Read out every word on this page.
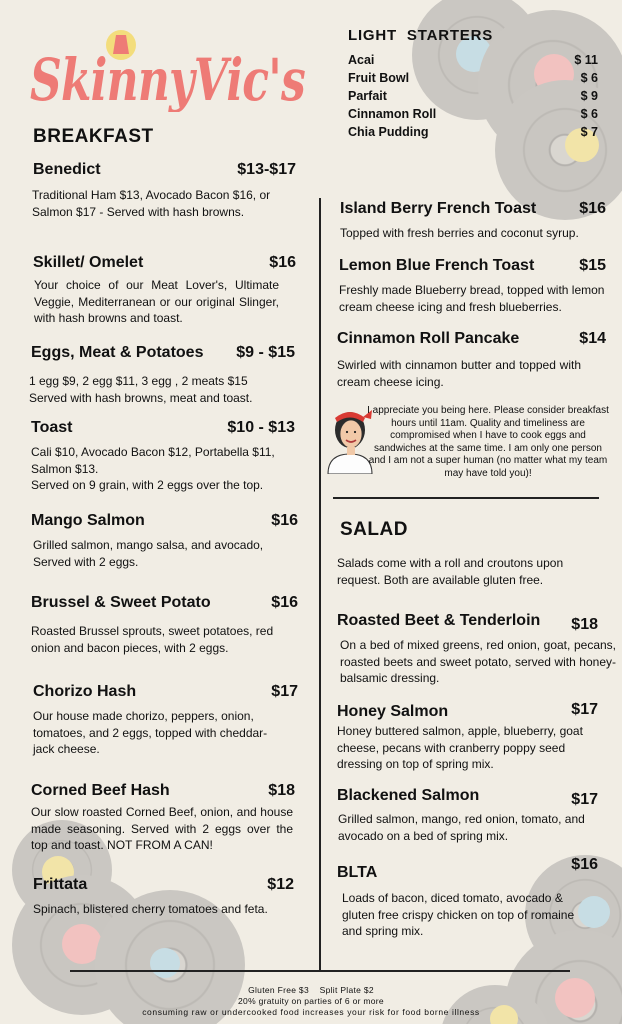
SkinnyVic's
BREAKFAST
Benedict	$13-$17
Traditional Ham $13, Avocado Bacon $16, or Salmon $17 - Served with hash browns.
Skillet/ Omelet	$16
Your choice of our Meat Lover's, Ultimate Veggie, Mediterranean or our original Slinger, with hash browns and toast.
Eggs, Meat & Potatoes	$9 - $15
1 egg $9, 2 egg $11, 3 egg , 2 meats $15 Served with hash browns, meat and toast.
Toast	$10 - $13
Cali $10, Avocado Bacon $12, Portabella $11, Salmon $13.
Served on 9 grain, with 2 eggs over the top.
Mango Salmon	$16
Grilled salmon, mango salsa, and avocado, Served with 2 eggs.
Brussel & Sweet Potato	$16
Roasted Brussel sprouts, sweet potatoes, red onion and bacon pieces, with 2 eggs.
Chorizo Hash	$17
Our house made chorizo, peppers, onion, tomatoes, and 2 eggs, topped with cheddar-jack cheese.
Corned Beef Hash	$18
Our slow roasted Corned Beef, onion, and house made seasoning. Served with 2 eggs over the top and toast. NOT FROM A CAN!
Frittata	$12
Spinach, blistered cherry tomatoes and feta.
LIGHT  STARTERS
Acai	$ 11
Fruit Bowl	$ 6
Parfait	$ 9
Cinnamon Roll	$ 6
Chia Pudding	$ 7
Island Berry French Toast	$16
Topped with fresh berries and coconut syrup.
Lemon Blue French Toast	$15
Freshly made Blueberry bread, topped with lemon cream cheese icing and fresh blueberries.
Cinnamon Roll Pancake	$14
Swirled with cinnamon butter and topped with cream cheese icing.
I appreciate you being here. Please consider breakfast hours until 11am. Quality and timeliness are compromised when I have to cook eggs and sandwiches at the same time. I am only one person and I am not a super human (no matter what my team may have told you)!
SALAD
Salads come with a roll and croutons upon request. Both are available gluten free.
Roasted Beet & Tenderloin	$18
On a bed of mixed greens, red onion, goat, pecans, roasted beets and sweet potato, served with honey-balsamic dressing.
Honey Salmon	$17
Honey buttered salmon, apple, blueberry, goat cheese, pecans with cranberry poppy seed dressing on top of spring mix.
Blackened Salmon	$17
Grilled salmon, mango, red onion, tomato, and avocado on a bed of spring mix.
BLTA	$16
Loads of bacon, diced tomato, avocado & gluten free crispy chicken on top of romaine and spring mix.
Gluten Free $3    Split Plate $2
20% gratuity on parties of 6 or more
consuming raw or undercooked food increases your risk for food borne illness
